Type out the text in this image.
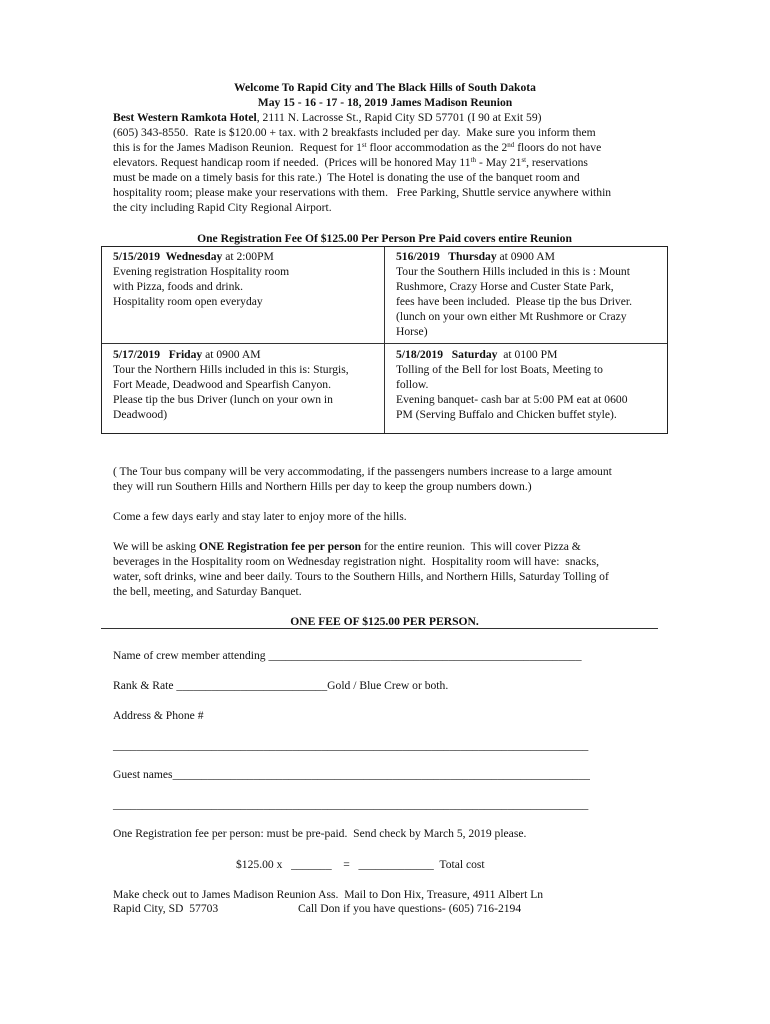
Welcome To Rapid City and The Black Hills of South Dakota
May 15 - 16 - 17 - 18, 2019 James Madison Reunion
Best Western Ramkota Hotel, 2111 N. Lacrosse St., Rapid City SD 57701 (I 90 at Exit 59)
(605) 343-8550.  Rate is $120.00 + tax. with 2 breakfasts included per day.  Make sure you inform them
this is for the James Madison Reunion.  Request for 1st floor accommodation as the 2nd floors do not have
elevators. Request handicap room if needed.  (Prices will be honored May 11th - May 21st, reservations
must be made on a timely basis for this rate.)  The Hotel is donating the use of the banquet room and
hospitality room; please make your reservations with them.   Free Parking, Shuttle service anywhere within
the city including Rapid City Regional Airport.
One Registration Fee Of $125.00 Per Person Pre Paid covers entire Reunion
5/15/2019  Wednesday at 2:00PM
Evening registration Hospitality room
with Pizza, foods and drink.
Hospitality room open everyday
516/2019   Thursday at 0900 AM
Tour the Southern Hills included in this is : Mount
Rushmore, Crazy Horse and Custer State Park,
fees have been included.  Please tip the bus Driver.
(lunch on your own either Mt Rushmore or Crazy
Horse)
5/17/2019   Friday at 0900 AM
Tour the Northern Hills included in this is: Sturgis,
Fort Meade, Deadwood and Spearfish Canyon.
Please tip the bus Driver (lunch on your own in
Deadwood)
5/18/2019   Saturday  at 0100 PM
Tolling of the Bell for lost Boats, Meeting to
follow.
Evening banquet- cash bar at 5:00 PM eat at 0600
PM (Serving Buffalo and Chicken buffet style).
( The Tour bus company will be very accommodating, if the passengers numbers increase to a large amount
they will run Southern Hills and Northern Hills per day to keep the group numbers down.)
Come a few days early and stay later to enjoy more of the hills.
We will be asking ONE Registration fee per person for the entire reunion.  This will cover Pizza &
beverages in the Hospitality room on Wednesday registration night.  Hospitality room will have:  snacks,
water, soft drinks, wine and beer daily. Tours to the Southern Hills, and Northern Hills, Saturday Tolling of
the bell, meeting, and Saturday Banquet.
ONE FEE OF $125.00 PER PERSON.
Name of crew member attending ______________________________________________________
Rank & Rate __________________________Gold / Blue Crew or both.
Address & Phone #
__________________________________________________________________________________
Guest names________________________________________________________________________
__________________________________________________________________________________
One Registration fee per person: must be pre-paid.  Send check by March 5, 2019 please.
$125.00 x   _______    =   _____________  Total cost
Make check out to James Madison Reunion Ass.  Mail to Don Hix, Treasure, 4911 Albert Ln
Rapid City, SD  57703	Call Don if you have questions- (605) 716-2194
